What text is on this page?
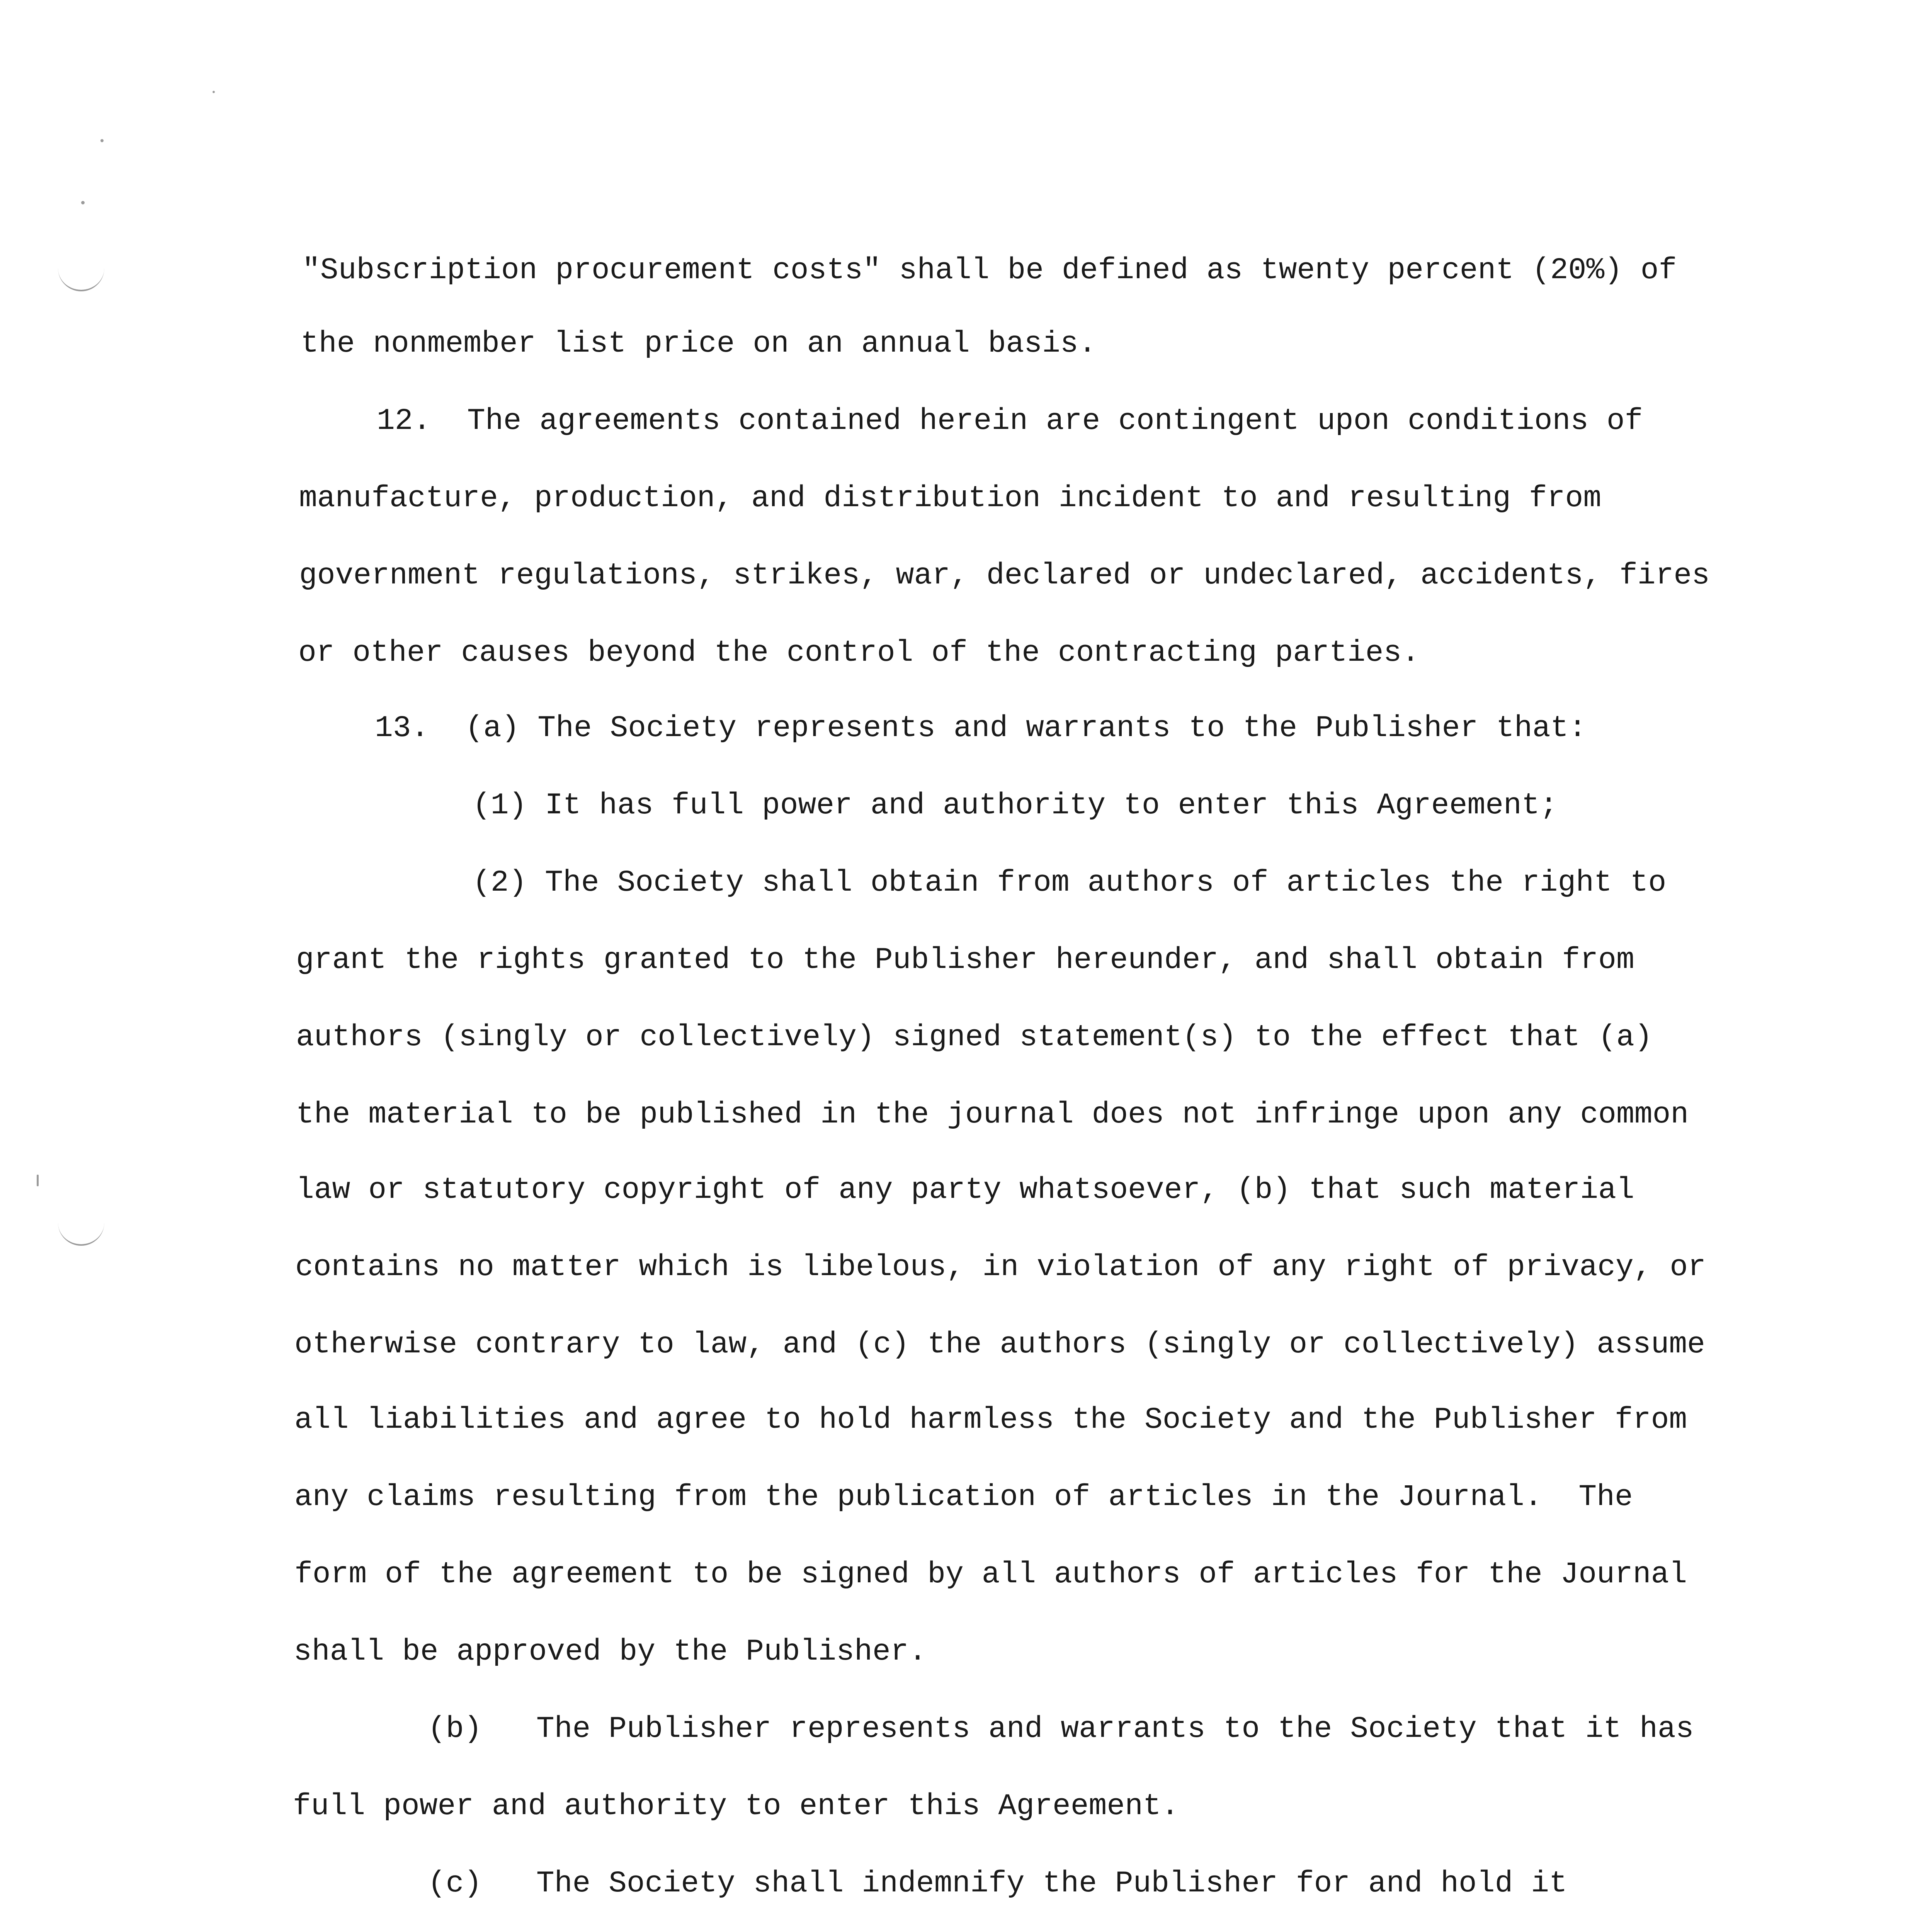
"Subscription procurement costs" shall be defined as twenty percent (20%) of
the nonmember list price on an annual basis.
12.  The agreements contained herein are contingent upon conditions of
manufacture, production, and distribution incident to and resulting from
government regulations, strikes, war, declared or undeclared, accidents, fires
or other causes beyond the control of the contracting parties.
13.  (a) The Society represents and warrants to the Publisher that:
(1) It has full power and authority to enter this Agreement;
(2) The Society shall obtain from authors of articles the right to
grant the rights granted to the Publisher hereunder, and shall obtain from
authors (singly or collectively) signed statement(s) to the effect that (a)
the material to be published in the journal does not infringe upon any common
law or statutory copyright of any party whatsoever, (b) that such material
contains no matter which is libelous, in violation of any right of privacy, or
otherwise contrary to law, and (c) the authors (singly or collectively) assume
all liabilities and agree to hold harmless the Society and the Publisher from
any claims resulting from the publication of articles in the Journal.  The
form of the agreement to be signed by all authors of articles for the Journal
shall be approved by the Publisher.
(b)   The Publisher represents and warrants to the Society that it has
full power and authority to enter this Agreement.
(c)   The Society shall indemnify the Publisher for and hold it
